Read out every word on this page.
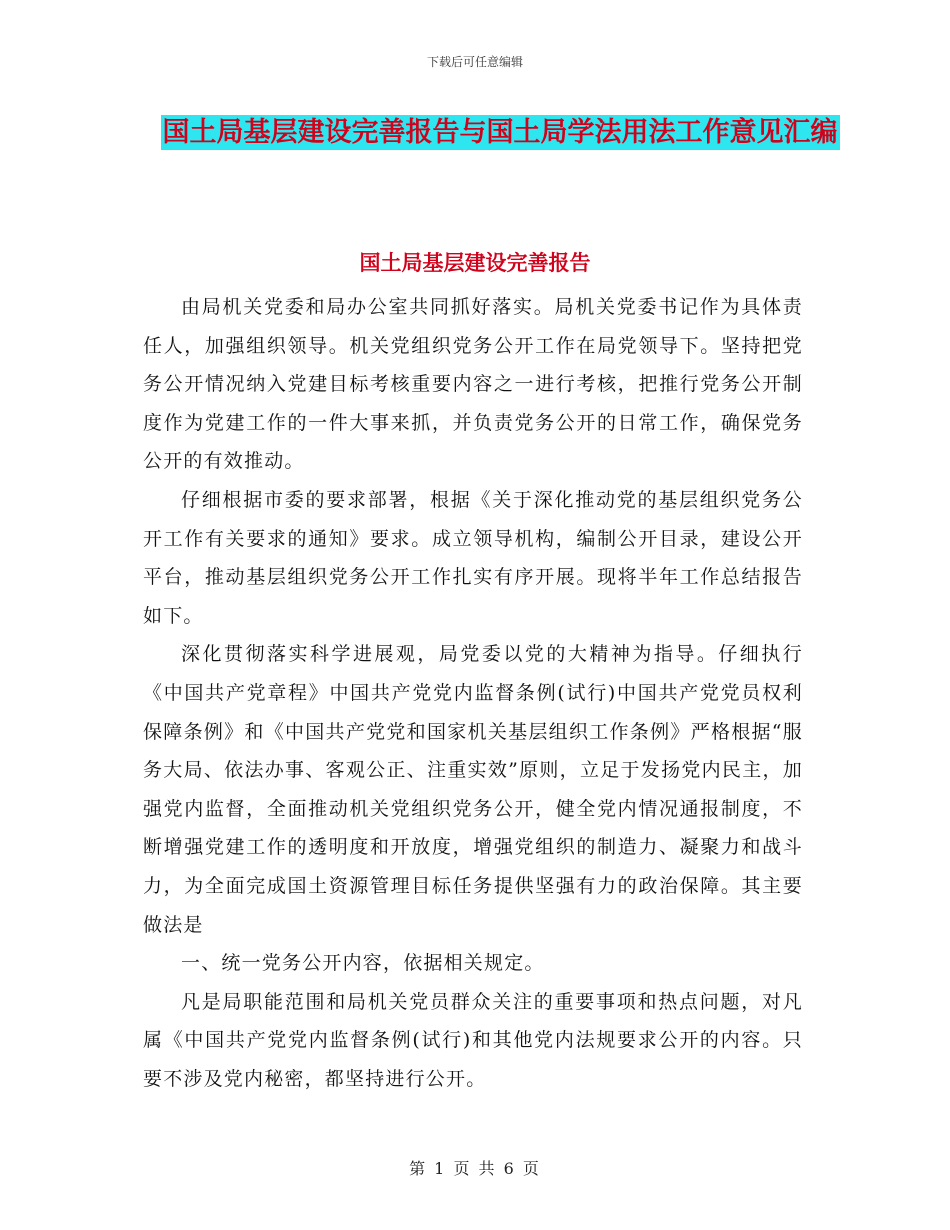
下载后可任意编辑
国土局基层建设完善报告与国土局学法用法工作意见汇编
国土局基层建设完善报告

由局机关党委和局办公室共同抓好落实。局机关党委书记作为具体责任人，加强组织领导。机关党组织党务公开工作在局党领导下。坚持把党务公开情况纳入党建目标考核重要内容之一进行考核，把推行党务公开制度作为党建工作的一件大事来抓，并负责党务公开的日常工作，确保党务公开的有效推动。

仔细根据市委的要求部署，根据《关于深化推动党的基层组织党务公开工作有关要求的通知》要求。成立领导机构，编制公开目录，建设公开平台，推动基层组织党务公开工作扎实有序开展。现将半年工作总结报告如下。

深化贯彻落实科学进展观，局党委以党的大精神为指导。仔细执行《中国共产党章程》中国共产党党内监督条例(试行)中国共产党党员权利保障条例》和《中国共产党党和国家机关基层组织工作条例》严格根据“服务大局、依法办事、客观公正、注重实效”原则，立足于发扬党内民主，加强党内监督，全面推动机关党组织党务公开，健全党内情况通报制度，不断增强党建工作的透明度和开放度，增强党组织的制造力、凝聚力和战斗力，为全面完成国土资源管理目标任务提供坚强有力的政治保障。其主要做法是

一、统一党务公开内容，依据相关规定。

凡是局职能范围和局机关党员群众关注的重要事项和热点问题，对凡属《中国共产党党内监督条例(试行)和其他党内法规要求公开的内容。只要不涉及党内秘密，都坚持进行公开。

第 1 页 共 6 页
